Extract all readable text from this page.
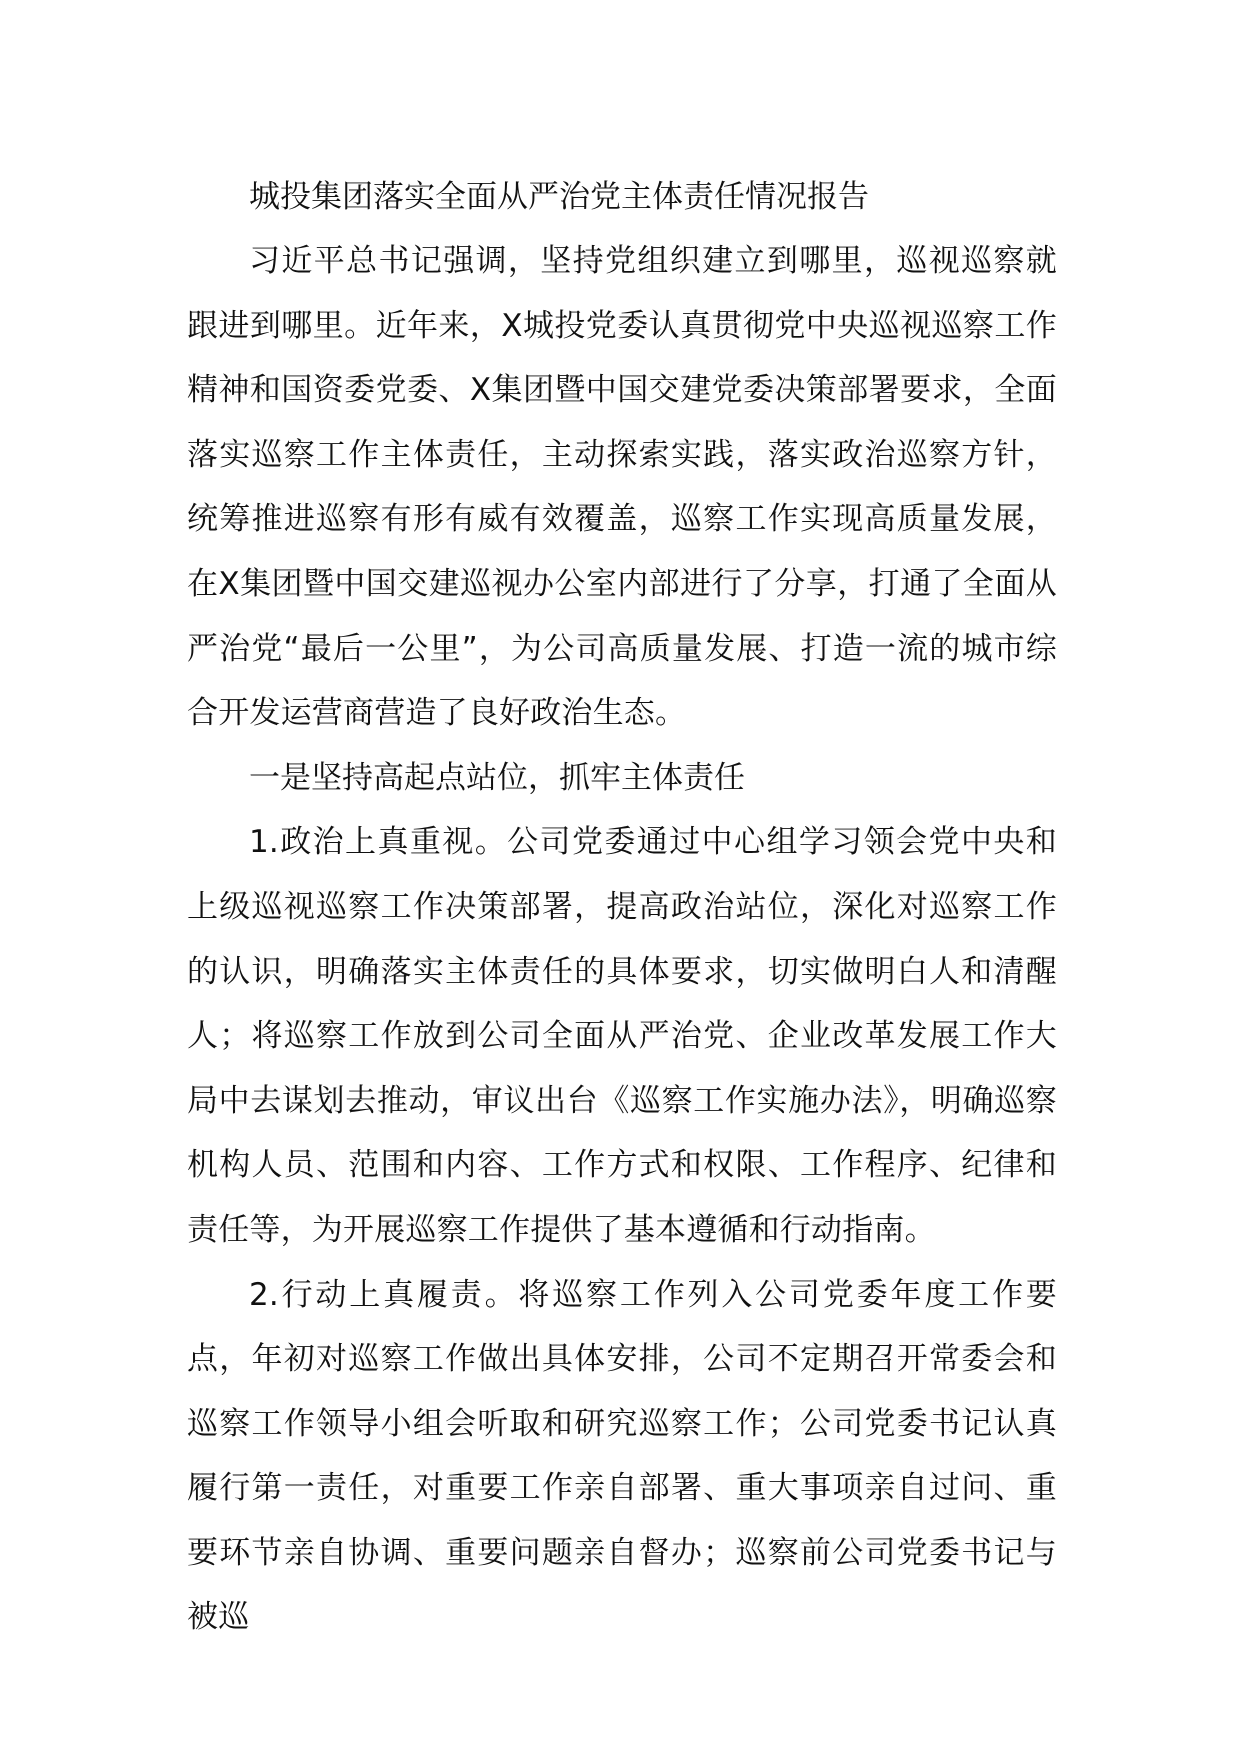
城投集团落实全面从严治党主体责任情况报告

习近平总书记强调，坚持党组织建立到哪里，巡视巡察就跟进到哪里。近年来，X城投党委认真贯彻党中央巡视巡察工作精神和国资委党委、X集团暨中国交建党委决策部署要求，全面落实巡察工作主体责任，主动探索实践，落实政治巡察方针，统筹推进巡察有形有威有效覆盖，巡察工作实现高质量发展，在X集团暨中国交建巡视办公室内部进行了分享，打通了全面从严治党“最后一公里”，为公司高质量发展、打造一流的城市综合开发运营商营造了良好政治生态。

一是坚持高起点站位，抓牢主体责任

1.政治上真重视。公司党委通过中心组学习领会党中央和上级巡视巡察工作决策部署，提高政治站位，深化对巡察工作的认识，明确落实主体责任的具体要求，切实做明白人和清醒人；将巡察工作放到公司全面从严治党、企业改革发展工作大局中去谋划去推动，审议出台《巡察工作实施办法》，明确巡察机构人员、范围和内容、工作方式和权限、工作程序、纪律和责任等，为开展巡察工作提供了基本遵循和行动指南。

2.行动上真履责。将巡察工作列入公司党委年度工作要点，年初对巡察工作做出具体安排，公司不定期召开常委会和巡察工作领导小组会听取和研究巡察工作；公司党委书记认真履行第一责任，对重要工作亲自部署、重大事项亲自过问、重要环节亲自协调、重要问题亲自督办；巡察前公司党委书记与被巡
